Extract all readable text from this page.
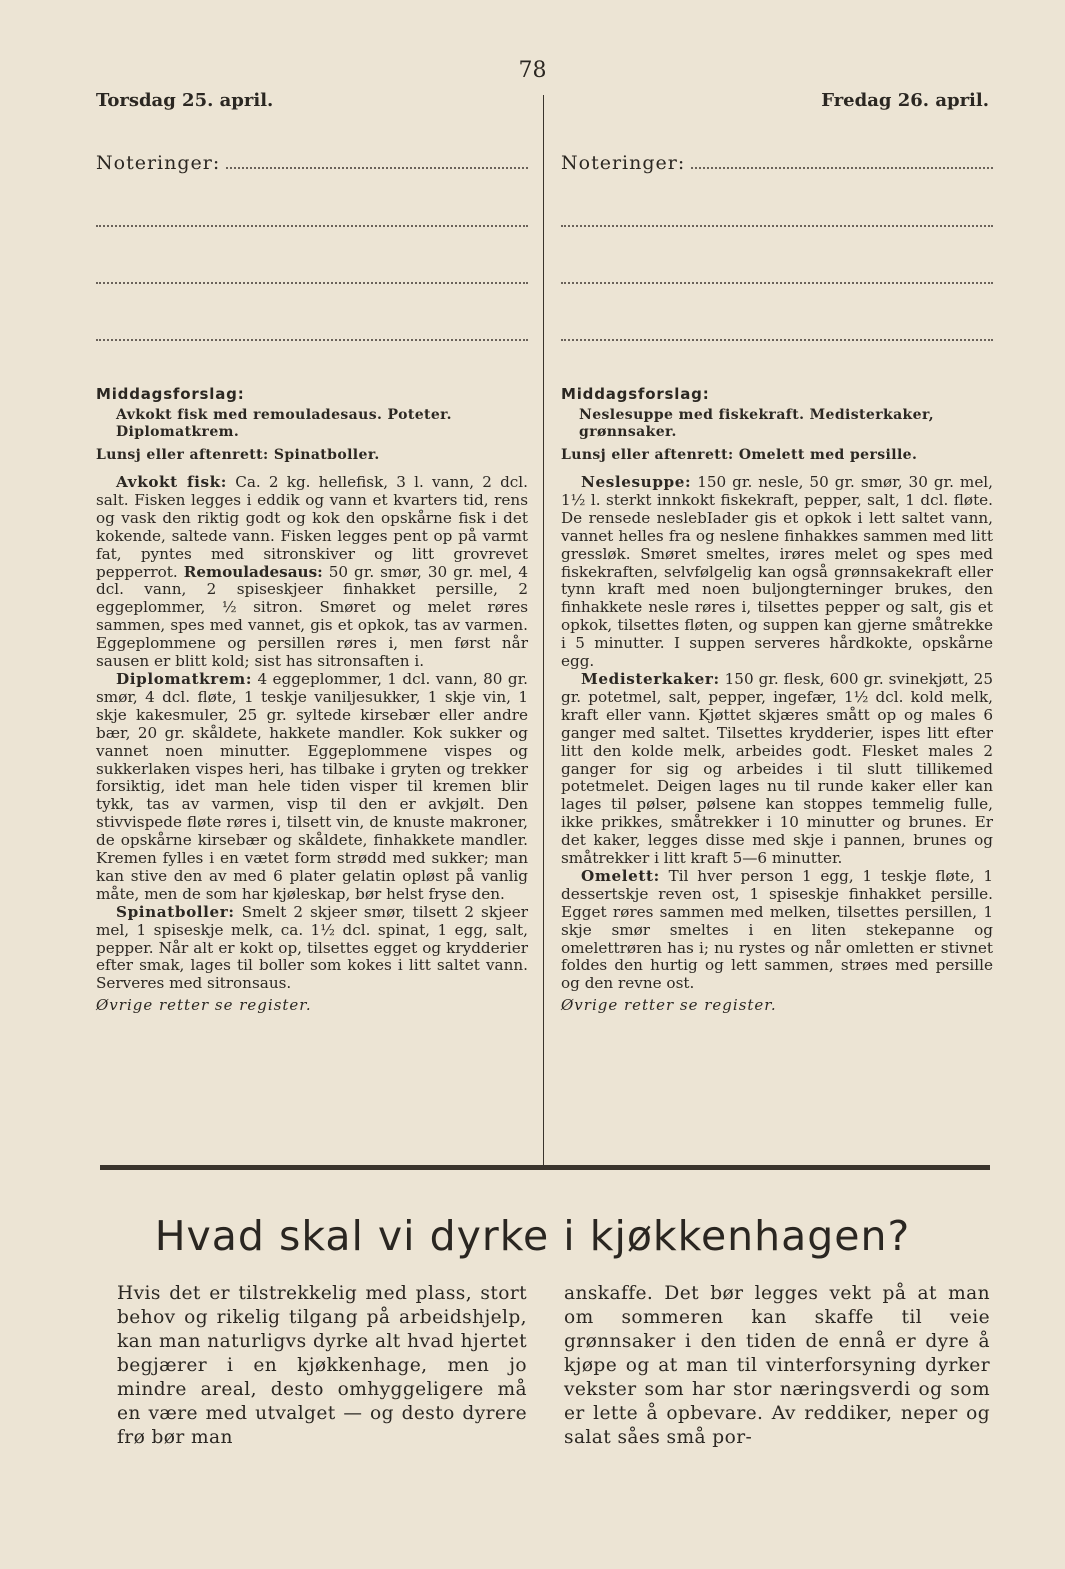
78
Torsdag 25. april.
Noteringer:
Middagsforslag:
Avkokt fisk med remouladesaus. Poteter. Diplomatkrem.
Lunsj eller aftenrett: Spinatboller.

Avkokt fisk: Ca. 2 kg. hellefisk, 3 l. vann, 2 dcl. salt. Fisken legges i eddik og vann et kvarters tid, rens og vask den riktig godt og kok den opskårne fisk i det kokende, saltede vann. Fisken legges pent op på varmt fat, pyntes med sitronskiver og litt grovrevet pepperrot. Remouladesaus: 50 gr. smør, 30 gr. mel, 4 dcl. vann, 2 spiseskjeer finhakket persille, 2 eggeplommer, ½ sitron. Smøret og melet røres sammen, spes med vannet, gis et opkok, tas av varmen. Eggeplommene og persillen røres i, men først når sausen er blitt kold; sist has sitronsaften i.

Diplomatkrem: 4 eggeplommer, 1 dcl. vann, 80 gr. smør, 4 dcl. fløte, 1 teskje vaniljesukker, 1 skje vin, 1 skje kakesmuler, 25 gr. syltede kirsebær eller andre bær, 20 gr. skåldete, hakkete mandler. Kok sukker og vannet noen minutter. Eggeplommene vispes og sukkerlaken vispes heri, has tilbake i gryten og trekker forsiktig, idet man hele tiden visper til kremen blir tykk, tas av varmen, visp til den er avkjølt. Den stivvispede fløte røres i, tilsett vin, de knuste makroner, de opskårne kirsebær og skåldete, finhakkete mandler. Kremen fylles i en vætet form strødd med sukker; man kan stive den av med 6 plater gelatin opløst på vanlig måte, men de som har kjøleskap, bør helst fryse den.

Spinatboller: Smelt 2 skjeer smør, tilsett 2 skjeer mel, 1 spiseskje melk, ca. 1½ dcl. spinat, 1 egg, salt, pepper. Når alt er kokt op, tilsettes egget og krydderier efter smak, lages til boller som kokes i litt saltet vann. Serveres med sitronsaus.

Øvrige retter se register.
Fredag 26. april.
Noteringer:
Middagsforslag:
Neslesuppe med fiskekraft. Medisterkaker, grønnsaker.
Lunsj eller aftenrett: Omelett med persille.

Neslesuppe: 150 gr. nesle, 50 gr. smør, 30 gr. mel, 1½ l. sterkt innkokt fiskekraft, pepper, salt, 1 dcl. fløte. De rensede neslebIader gis et opkok i lett saltet vann, vannet helles fra og neslene finhakkes sammen med litt gressløk. Smøret smeltes, irøres melet og spes med fiskekraften, selvfølgelig kan også grønnsakekraft eller tynn kraft med noen buljongterninger brukes, den finhakkete nesle røres i, tilsettes pepper og salt, gis et opkok, tilsettes fløten, og suppen kan gjerne småtrekke i 5 minutter. I suppen serveres hårdkokte, opskårne egg.

Medisterkaker: 150 gr. flesk, 600 gr. svinekjøtt, 25 gr. potetmel, salt, pepper, ingefær, 1½ dcl. kold melk, kraft eller vann. Kjøttet skjæres smått op og males 6 ganger med saltet. Tilsettes krydderier, ispes litt efter litt den kolde melk, arbeides godt. Flesket males 2 ganger for sig og arbeides i til slutt tillikemed potetmelet. Deigen lages nu til runde kaker eller kan lages til pølser, pølsene kan stoppes temmelig fulle, ikke prikkes, småtrekker i 10 minutter og brunes. Er det kaker, legges disse med skje i pannen, brunes og småtrekker i litt kraft 5—6 minutter.

Omelett: Til hver person 1 egg, 1 teskje fløte, 1 dessertskje reven ost, 1 spiseskje finhakket persille. Egget røres sammen med melken, tilsettes persillen, 1 skje smør smeltes i en liten stekepanne og omelettrøren has i; nu rystes og når omletten er stivnet foldes den hurtig og lett sammen, strøes med persille og den revne ost.

Øvrige retter se register.
Hvad skal vi dyrke i kjøkkenhagen?

Hvis det er tilstrekkelig med plass, stort behov og rikelig tilgang på arbeidshjelp, kan man naturligvs dyrke alt hvad hjertet begjærer i en kjøkkenhage, men jo mindre areal, desto omhyggeligere må en være med utvalget — og desto dyrere frø bør man

anskaffe. Det bør legges vekt på at man om sommeren kan skaffe til veie grønnsaker i den tiden de ennå er dyre å kjøpe og at man til vinterforsyning dyrker vekster som har stor næringsverdi og som er lette å opbevare. Av reddiker, neper og salat såes små por-
